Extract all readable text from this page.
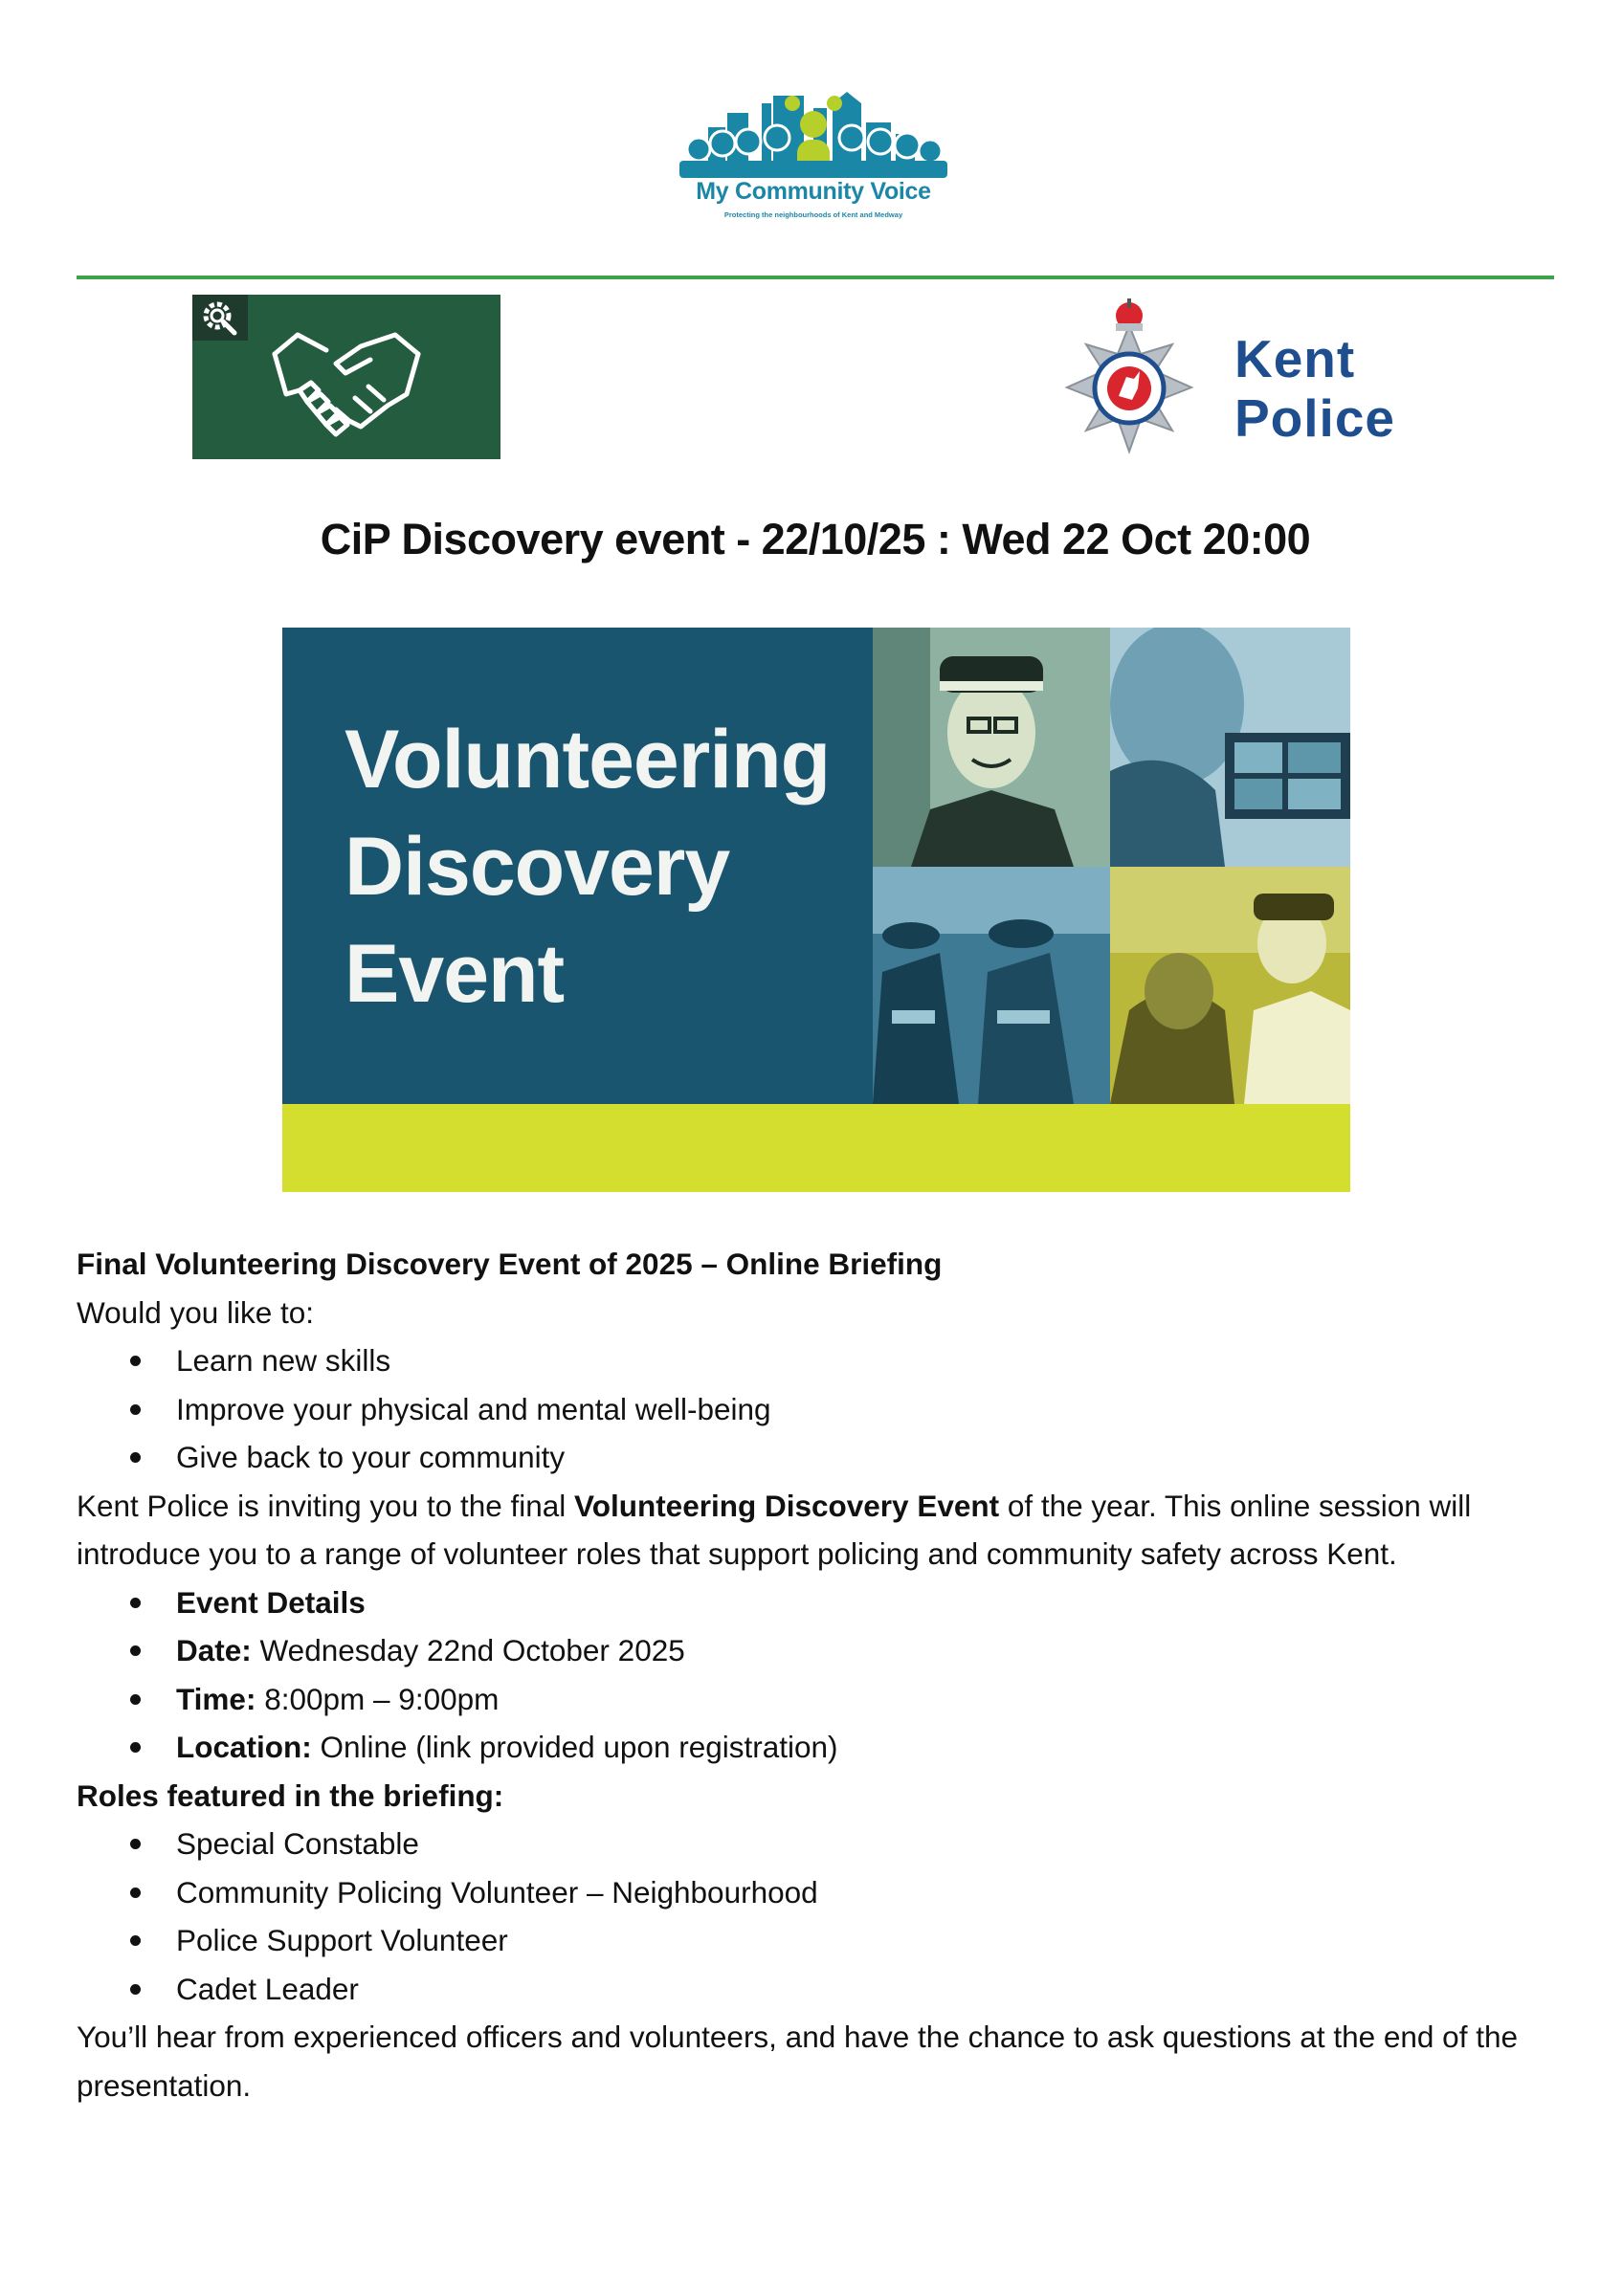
My Community Voice
Protecting the neighbourhoods of Kent and Medway
Kent
Police
CiP Discovery event - 22/10/25 : Wed 22 Oct 20:00
Volunteering
Discovery
Event

Final Volunteering Discovery Event of 2025 – Online Briefing

Would you like to:

Learn new skills
Improve your physical and mental well-being
Give back to your community

Kent Police is inviting you to the final Volunteering Discovery Event of the year. This online session will introduce you to a range of volunteer roles that support policing and community safety across Kent.

Event Details
Date: Wednesday 22nd October 2025
Time: 8:00pm – 9:00pm
Location: Online (link provided upon registration)

Roles featured in the briefing:

Special Constable
Community Policing Volunteer – Neighbourhood
Police Support Volunteer
Cadet Leader

You’ll hear from experienced officers and volunteers, and have the chance to ask questions at the end of the presentation.
